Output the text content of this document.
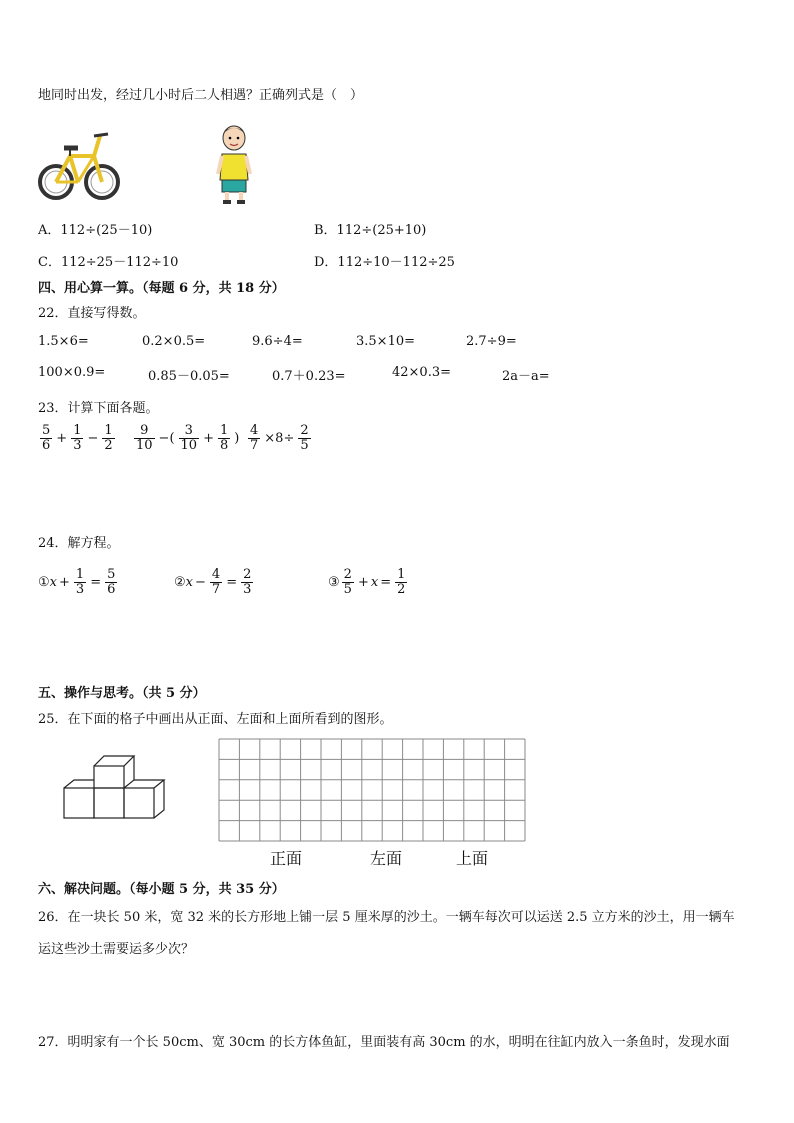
地同时出发，经过几小时后二人相遇？正确列式是（　）
A．112÷(25－10)	B．112÷(25+10)
C．112÷25－112÷10	D．112÷10－112÷25
四、用心算一算。（每题 6 分，共 18 分）
22．直接写得数。
1.5×6=	0.2×0.5=	9.6÷4=	3.5×10=	2.7÷9=
100×0.9=	0.85－0.05=	0.7＋0.23=	42×0.3=	2a－a=
23．计算下面各题。
$\frac{5}{6} + \frac{1}{3} - \frac{1}{2} \frac{9}{10}$ −( $\frac{3}{10} + \frac{1}{8}$ ) $\frac{4}{7} \times 8\div \frac{2}{5}$
24．解方程。
① $x + \frac{1}{3} = \frac{5}{6}$	② $x - \frac{4}{7} = \frac{2}{3}$	③ $\frac{2}{5} + x = \frac{1}{2}$
五、操作与思考。（共 5 分）
25．在下面的格子中画出从正面、左面和上面所看到的图形。
正面	左面	上面
六、解决问题。（每小题 5 分，共 35 分）
26．在一块长 50 米，宽 32 米的长方形地上铺一层 5 厘米厚的沙土。一辆车每次可以运送 2.5 立方米的沙土，用一辆车
运这些沙土需要运多少次？
27．明明家有一个长 50cm、宽 30cm 的长方体鱼缸，里面装有高 30cm 的水，明明在往缸内放入一条鱼时，发现水面
